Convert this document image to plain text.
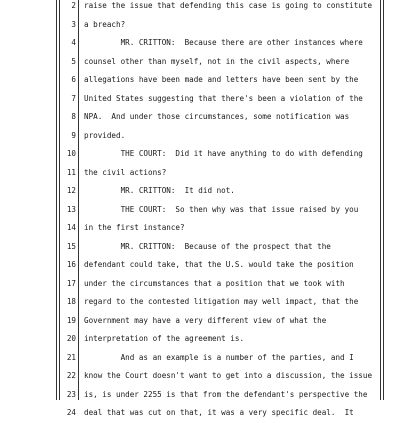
2 raise the issue that defending this case is going to constitute
3 a breach?
4 MR. CRITTON:  Because there are other instances where
5 counsel other than myself, not in the civil aspects, where
6 allegations have been made and letters have been sent by the
7 United States suggesting that there's been a violation of the
8 NPA.  And under those circumstances, some notification was
9 provided.
10 THE COURT:  Did it have anything to do with defending
11 the civil actions?
12 MR. CRITTON:  It did not.
13 THE COURT:  So then why was that issue raised by you
14 in the first instance?
15 MR. CRITTON:  Because of the prospect that the
16 defendant could take, that the U.S. would take the position
17 under the circumstances that a position that we took with
18 regard to the contested litigation may well impact, that the
19 Government may have a very different view of what the
20 interpretation of the agreement is.
21 And as an example is a number of the parties, and I
22 know the Court doesn't want to get into a discussion, the issue
23 is, is under 2255 is that from the defendant's perspective the
24 deal that was cut on that, it was a very specific deal.  It
